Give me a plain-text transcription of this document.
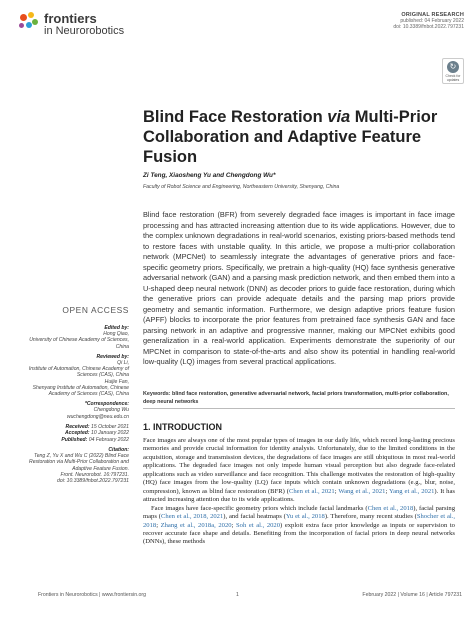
frontiers
in Neurorobotics
ORIGINAL RESEARCH
published: 04 February 2022
doi: 10.3389/fnbot.2022.797231
↻
Check for updates
Blind Face Restoration via Multi-Prior Collaboration and Adaptive Feature Fusion
Zi Teng, Xiaosheng Yu and Chengdong Wu*
Faculty of Robot Science and Engineering, Northeastern University, Shenyang, China
Blind face restoration (BFR) from severely degraded face images is important in face image processing and has attracted increasing attention due to its wide applications. However, due to the complex unknown degradations in real-world scenarios, existing priors-based methods tend to restore faces with unstable quality. In this article, we propose a multi-prior collaboration network (MPCNet) to seamlessly integrate the advantages of generative priors and face-specific geometry priors. Specifically, we pretrain a high-quality (HQ) face synthesis generative adversarial network (GAN) and a parsing mask prediction network, and then embed them into a U-shaped deep neural network (DNN) as decoder priors to guide face restoration, during which the generative priors can provide adequate details and the parsing map priors provide geometry and semantic information. Furthermore, we design adaptive priors feature fusion (APFF) blocks to incorporate the prior features from pretrained face synthesis GAN and face parsing network in an adaptive and progressive manner, making our MPCNet exhibits good generalization in a real-world application. Experiments demonstrate the superiority of our MPCNet in comparison to state-of-the-arts and also show its potential in handling real-world low-quality (LQ) images from several practical applications.
Keywords: blind face restoration, generative adversarial network, facial priors transformation, multi-prior collaboration, deep neural networks
1. INTRODUCTION

Face images are always one of the most popular types of images in our daily life, which record long-lasting precious memories and provide crucial information for identity analysis. Unfortunately, due to the limited conditions in the acquisition, storage and transmission devices, the degradations of face images are still ubiquitous in most real-world applications. The degraded face images not only impede human visual perception but also degrade face-related applications such as video surveillance and face recognition. This challenge motivates the restoration of high-quality (HQ) face images from the low-quality (LQ) face inputs which contain unknown degradations (e.g., blur, noise, compression), known as blind face restoration (BFR) (Chen et al., 2021; Wang et al., 2021; Yang et al., 2021). It has attracted increasing attention due to its wide applications.

Face images have face-specific geometry priors which include facial landmarks (Chen et al., 2018), facial parsing maps (Chen et al., 2018, 2021), and facial heatmaps (Yu et al., 2018). Therefore, many recent studies (Shocher et al., 2018; Zhang et al., 2018a, 2020; Soh et al., 2020) exploit extra face prior knowledge as inputs or supervision to recover accurate face shape and details. Benefiting from the incorporation of facial priors in deep neural networks (DNNs), these methods

OPEN ACCESS
Edited by:
Hong Qiao,
University of Chinese Academy of Sciences, China
Reviewed by:
Qi Li,
Institute of Automation, Chinese Academy of Sciences (CAS), China
Huijie Fan,
Shenyang Institute of Automation, Chinese Academy of Sciences (CAS), China
*Correspondence:
Chengdong Wu
wuchengdong@neu.edu.cn
Received: 15 October 2021
Accepted: 10 January 2022
Published: 04 February 2022
Citation:
Teng Z, Yu X and Wu C (2022) Blind Face Restoration via Multi-Prior Collaboration and Adaptive Feature Fusion.
Front. Neurorobot. 16:797231.
doi: 10.3389/fnbot.2022.797231
Frontiers in Neurorobotics | www.frontiersin.org	1	February 2022 | Volume 16 | Article 797231
